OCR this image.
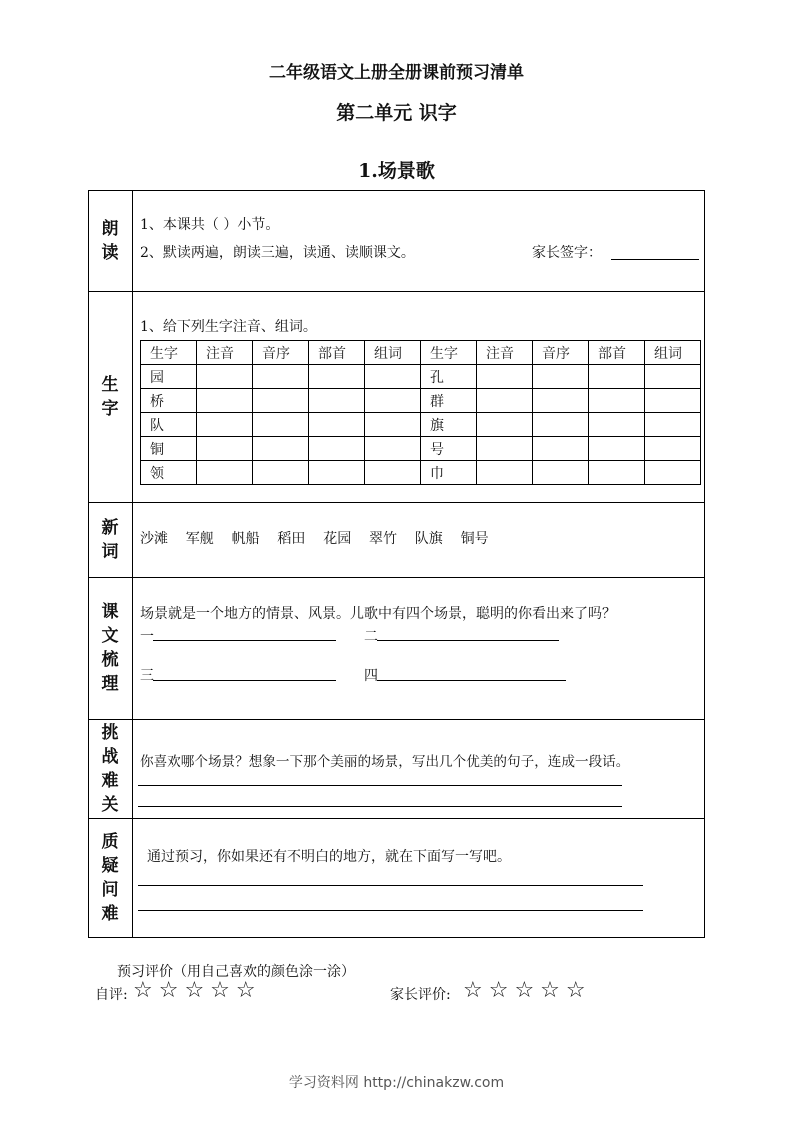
二年级语文上册全册课前预习清单
第二单元 识字
1.场景歌
朗
读
1、本课共（ ）小节。
2、默读两遍，朗读三遍，读通、读顺课文。	家长签字：
生
字
1、给下列生字注音、组词。
生字	注音	音序	部首	组词	生字	注音	音序	部首	组词
园					孔				
桥					群				
队					旗				
铜					号				
领					巾				
新
词
沙滩    军舰    帆船    稻田    花园    翠竹    队旗    铜号
课
文
梳
理
场景就是一个地方的情景、风景。儿歌中有四个场景，聪明的你看出来了吗？
一	二
三	四
挑
战
难
关
你喜欢哪个场景？想象一下那个美丽的场景，写出几个优美的句子，连成一段话。
质
疑
问
难
通过预习，你如果还有不明白的地方，就在下面写一写吧。
预习评价（用自己喜欢的颜色涂一涂）
自评: ☆☆☆☆☆	家长评价: ☆☆☆☆☆
学习资料网 http://chinakzw.com
